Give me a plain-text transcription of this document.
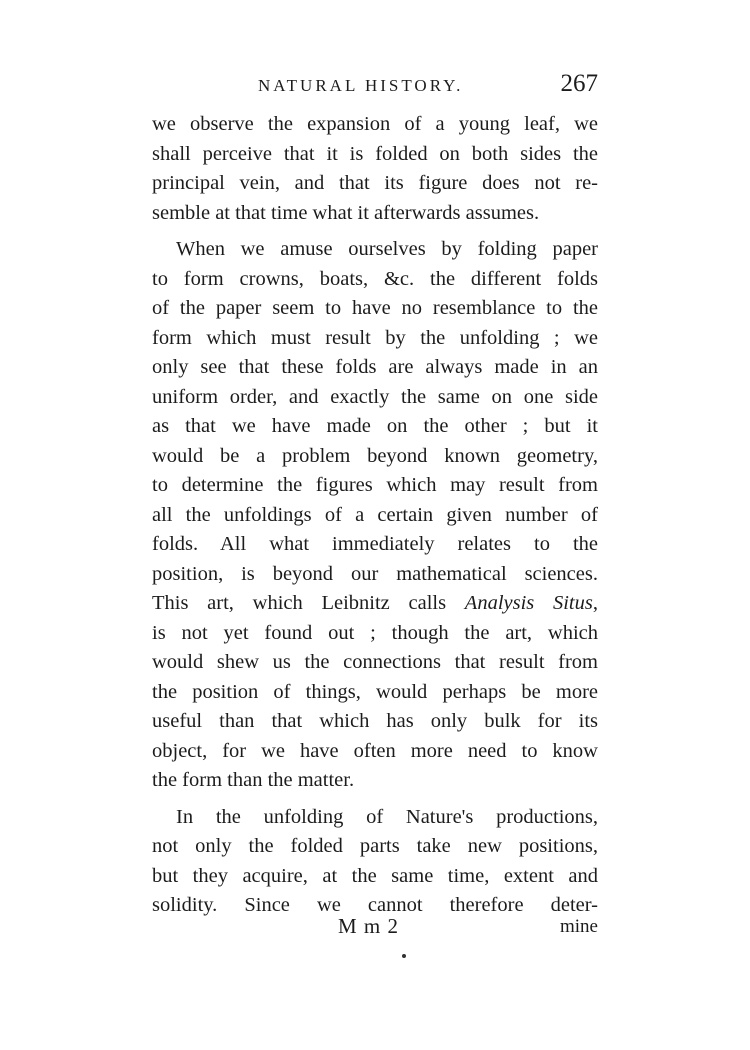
NATURAL HISTORY.	267
we observe the expansion of a young leaf, we
shall perceive that it is folded on both sides the
principal vein, and that its figure does not re-
semble at that time what it afterwards assumes.
When we amuse ourselves by folding paper
to form crowns, boats, &c. the different folds
of the paper seem to have no resemblance to the
form which must result by the unfolding ; we
only see that these folds are always made in an
uniform order, and exactly the same on one side
as that we have made on the other ; but it
would be a problem beyond known geometry,
to determine the figures which may result from
all the unfoldings of a certain given number of
folds. All what immediately relates to the
position, is beyond our mathematical sciences.
This art, which Leibnitz calls Analysis Situs,
is not yet found out ; though the art, which
would shew us the connections that result from
the position of things, would perhaps be more
useful than that which has only bulk for its
object, for we have often more need to know
the form than the matter.
In the unfolding of Nature's productions,
not only the folded parts take new positions,
but they acquire, at the same time, extent and
solidity. Since we cannot therefore deter-
M m 2	mine
